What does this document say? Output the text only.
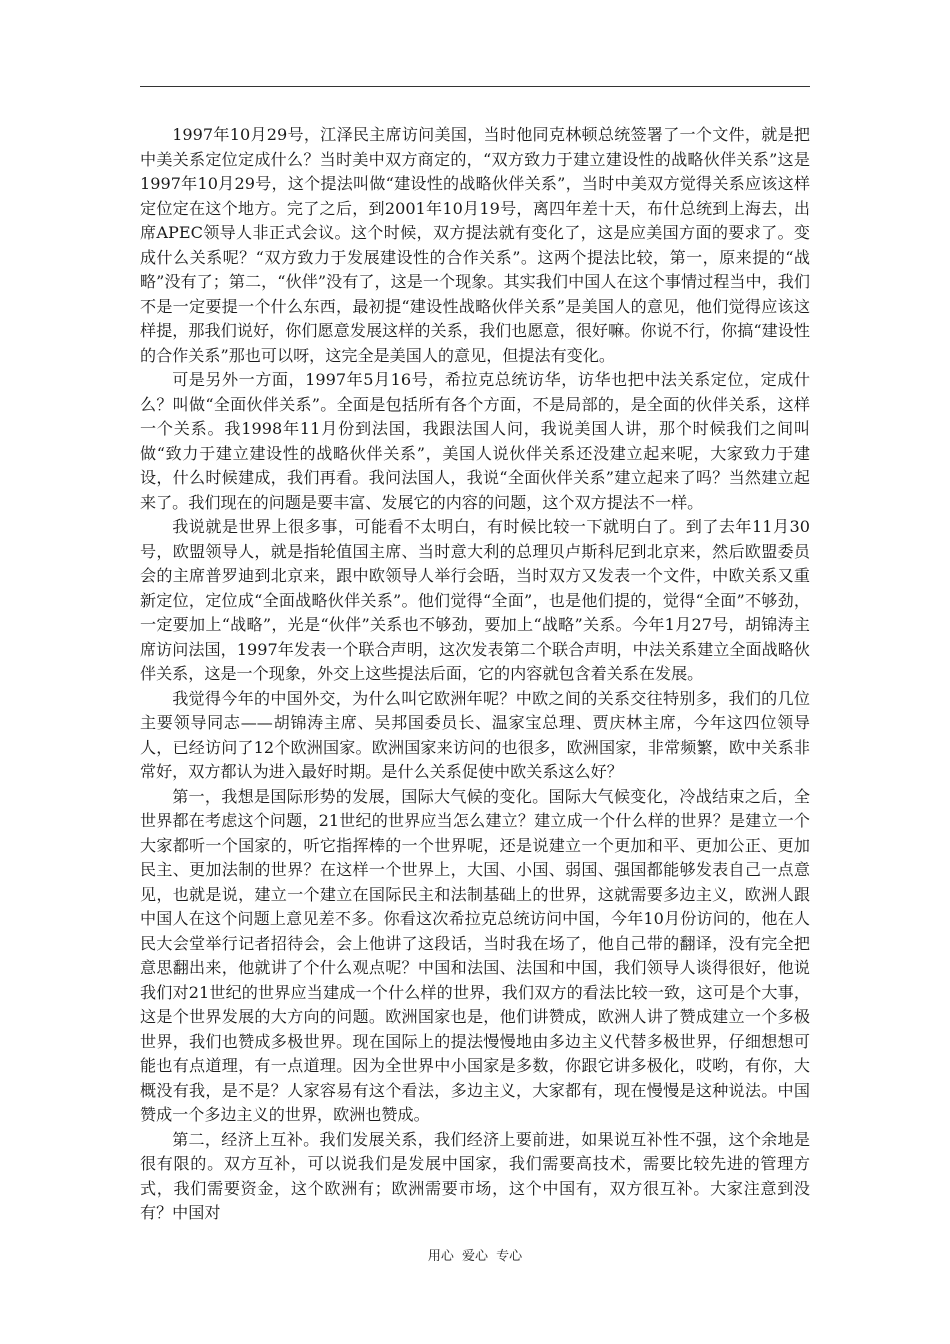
1997年10月29号，江泽民主席访问美国，当时他同克林顿总统签署了一个文件，就是把中美关系定位定成什么？当时美中双方商定的，“双方致力于建立建设性的战略伙伴关系”这是1997年10月29号，这个提法叫做“建设性的战略伙伴关系”，当时中美双方觉得关系应该这样定位定在这个地方。完了之后，到2001年10月19号，离四年差十天，布什总统到上海去，出席APEC领导人非正式会议。这个时候，双方提法就有变化了，这是应美国方面的要求了。变成什么关系呢？“双方致力于发展建设性的合作关系”。这两个提法比较，第一，原来提的“战略”没有了；第二，“伙伴”没有了，这是一个现象。其实我们中国人在这个事情过程当中，我们不是一定要提一个什么东西，最初提“建设性战略伙伴关系”是美国人的意见，他们觉得应该这样提，那我们说好，你们愿意发展这样的关系，我们也愿意，很好嘛。你说不行，你搞“建设性的合作关系”那也可以呀，这完全是美国人的意见，但提法有变化。

可是另外一方面，1997年5月16号，希拉克总统访华，访华也把中法关系定位，定成什么？叫做“全面伙伴关系”。全面是包括所有各个方面，不是局部的，是全面的伙伴关系，这样一个关系。我1998年11月份到法国，我跟法国人问，我说美国人讲，那个时候我们之间叫做“致力于建立建设性的战略伙伴关系”，美国人说伙伴关系还没建立起来呢，大家致力于建设，什么时候建成，我们再看。我问法国人，我说“全面伙伴关系”建立起来了吗？当然建立起来了。我们现在的问题是要丰富、发展它的内容的问题，这个双方提法不一样。

我说就是世界上很多事，可能看不太明白，有时候比较一下就明白了。到了去年11月30号，欧盟领导人，就是指轮值国主席、当时意大利的总理贝卢斯科尼到北京来，然后欧盟委员会的主席普罗迪到北京来，跟中欧领导人举行会晤，当时双方又发表一个文件，中欧关系又重新定位，定位成“全面战略伙伴关系”。他们觉得“全面”，也是他们提的，觉得“全面”不够劲，一定要加上“战略”，光是“伙伴”关系也不够劲，要加上“战略”关系。今年1月27号，胡锦涛主席访问法国，1997年发表一个联合声明，这次发表第二个联合声明，中法关系建立全面战略伙伴关系，这是一个现象，外交上这些提法后面，它的内容就包含着关系在发展。

我觉得今年的中国外交，为什么叫它欧洲年呢？中欧之间的关系交往特别多，我们的几位主要领导同志——胡锦涛主席、吴邦国委员长、温家宝总理、贾庆林主席，今年这四位领导人，已经访问了12个欧洲国家。欧洲国家来访问的也很多，欧洲国家，非常频繁，欧中关系非常好，双方都认为进入最好时期。是什么关系促使中欧关系这么好？

第一，我想是国际形势的发展，国际大气候的变化。国际大气候变化，冷战结束之后，全世界都在考虑这个问题，21世纪的世界应当怎么建立？建立成一个什么样的世界？是建立一个大家都听一个国家的，听它指挥棒的一个世界呢，还是说建立一个更加和平、更加公正、更加民主、更加法制的世界？在这样一个世界上，大国、小国、弱国、强国都能够发表自己一点意见，也就是说，建立一个建立在国际民主和法制基础上的世界，这就需要多边主义，欧洲人跟中国人在这个问题上意见差不多。你看这次希拉克总统访问中国，今年10月份访问的，他在人民大会堂举行记者招待会，会上他讲了这段话，当时我在场了，他自己带的翻译，没有完全把意思翻出来，他就讲了个什么观点呢？中国和法国、法国和中国，我们领导人谈得很好，他说我们对21世纪的世界应当建成一个什么样的世界，我们双方的看法比较一致，这可是个大事，这是个世界发展的大方向的问题。欧洲国家也是，他们讲赞成，欧洲人讲了赞成建立一个多极世界，我们也赞成多极世界。现在国际上的提法慢慢地由多边主义代替多极世界，仔细想想可能也有点道理，有一点道理。因为全世界中小国家是多数，你跟它讲多极化，哎哟，有你，大概没有我，是不是？人家容易有这个看法，多边主义，大家都有，现在慢慢是这种说法。中国赞成一个多边主义的世界，欧洲也赞成。

第二，经济上互补。我们发展关系，我们经济上要前进，如果说互补性不强，这个余地是很有限的。双方互补，可以说我们是发展中国家，我们需要高技术，需要比较先进的管理方式，我们需要资金，这个欧洲有；欧洲需要市场，这个中国有，双方很互补。大家注意到没有？中国对

用心 爱心 专心
